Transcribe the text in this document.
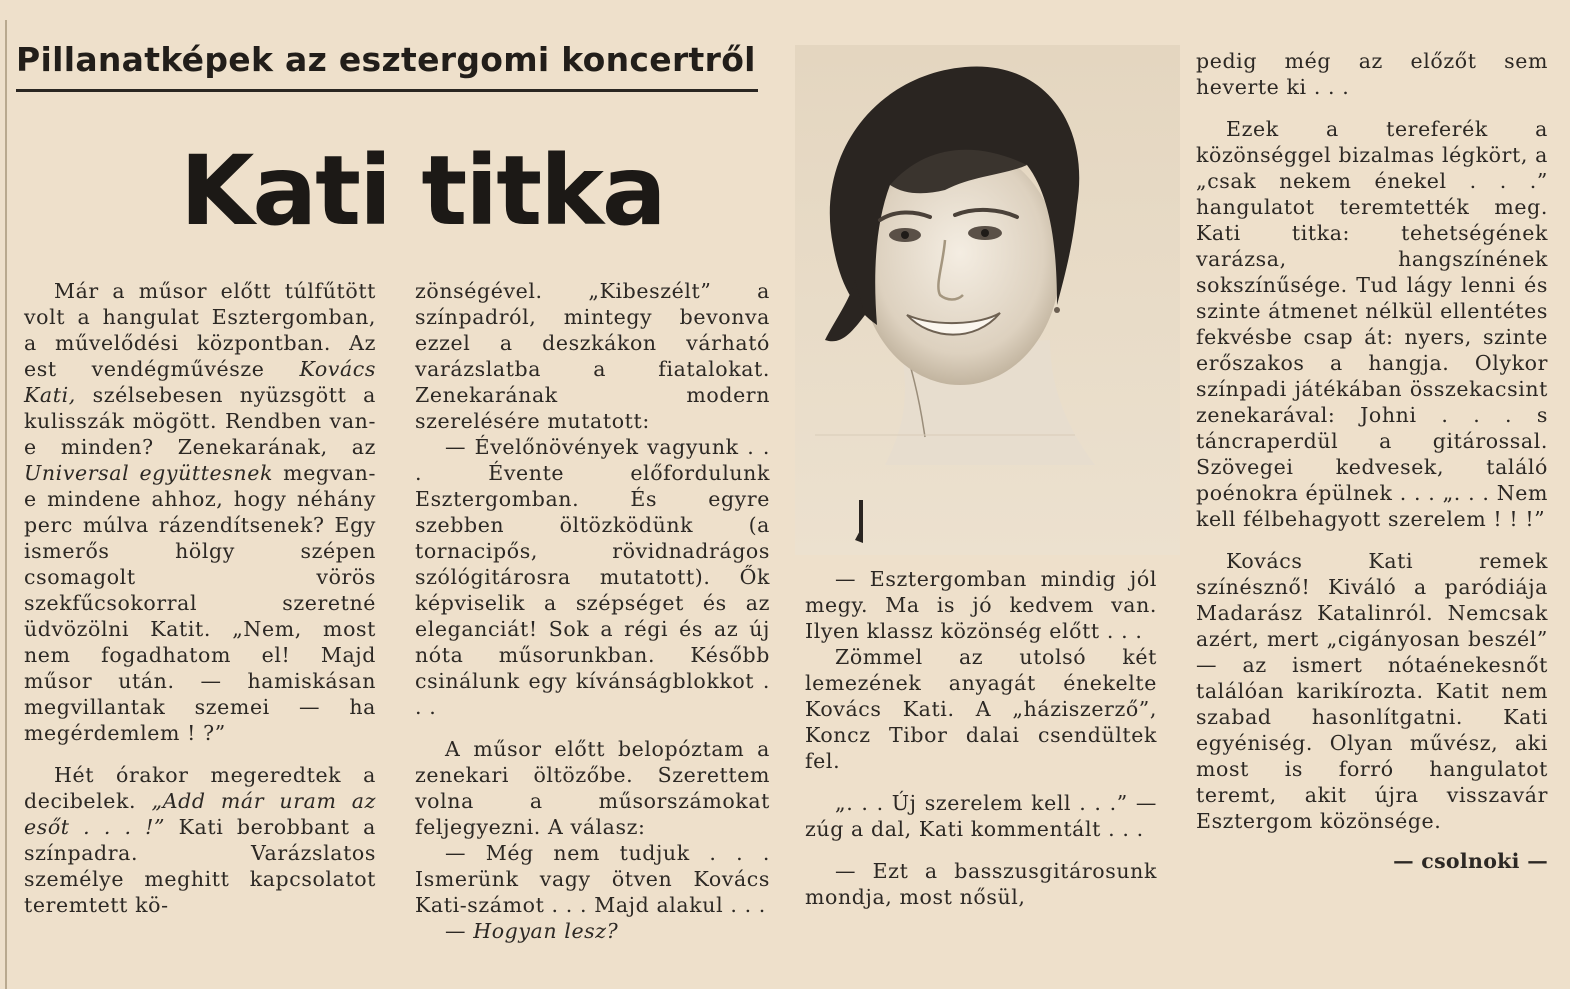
Pillanatképek az esztergomi koncertről
Kati titka

Már a műsor előtt túlfűtött volt a hangulat Esztergomban, a művelődési központban. Az est vendégművésze Kovács Kati, szélsebesen nyüzsgött a kulisszák mögött. Rendben van-e minden? Zenekarának, az Universal együttesnek megvan-e mindene ahhoz, hogy néhány perc múlva rázendítsenek? Egy ismerős hölgy szépen csomagolt vörös szekfűcsokorral szeretné üdvözölni Katit. „Nem, most nem fogadhatom el! Majd műsor után. — hamiskásan megvillantak szemei — ha megérdemlem ! ?”

Hét órakor megeredtek a decibelek. „Add már uram az esőt . . . !” Kati berobbant a színpadra. Varázslatos személye meghitt kapcsolatot teremtett kö-

zönségével. „Kibeszélt” a színpadról, mintegy bevonva ezzel a deszkákon várható varázslatba a fiatalokat. Zenekarának modern szerelésére mutatott:

— Évelőnövények vagyunk . . . Évente előfordulunk Esztergomban. És egyre szebben öltözködünk (a tornacipős, rövidnadrágos szólógitárosra mutatott). Ők képviselik a szépséget és az eleganciát! Sok a régi és az új nóta műsorunkban. Később csinálunk egy kívánságblokkot . . .

A műsor előtt belopóztam a zenekari öltözőbe. Szerettem volna a műsorszámokat feljegyezni. A válasz:

— Még nem tudjuk . . . Ismerünk vagy ötven Kovács Kati-számot . . . Majd alakul . . .

— Hogyan lesz?

— Esztergomban mindig jól megy. Ma is jó kedvem van. Ilyen klassz közönség előtt . . .

Zömmel az utolsó két lemezének anyagát énekelte Kovács Kati. A „háziszerző”, Koncz Tibor dalai csendültek fel.

„. . . Új szerelem kell . . .” — zúg a dal, Kati kommentált . . .

— Ezt a basszusgitárosunk mondja, most nősül,

pedig még az előzőt sem heverte ki . . .

Ezek a tereferék a közönséggel bizalmas légkört, a „csak nekem énekel . . .” hangulatot teremtették meg. Kati titka: tehetségének varázsa, hangszínének sokszínűsége. Tud lágy lenni és szinte átmenet nélkül ellentétes fekvésbe csap át: nyers, szinte erőszakos a hangja. Olykor színpadi játékában összekacsint zenekarával: Johni . . . s táncraperdül a gitárossal. Szövegei kedvesek, találó poénokra épülnek . . . „. . . Nem kell félbehagyott szerelem ! ! !”

Kovács Kati remek színésznő! Kiváló a paródiája Madarász Katalinról. Nemcsak azért, mert „cigányosan beszél” — az ismert nótaénekesnőt találóan karikírozta. Katit nem szabad hasonlítgatni. Kati egyéniség. Olyan művész, aki most is forró hangulatot teremt, akit újra visszavár Esztergom közönsége.

— csolnoki —
